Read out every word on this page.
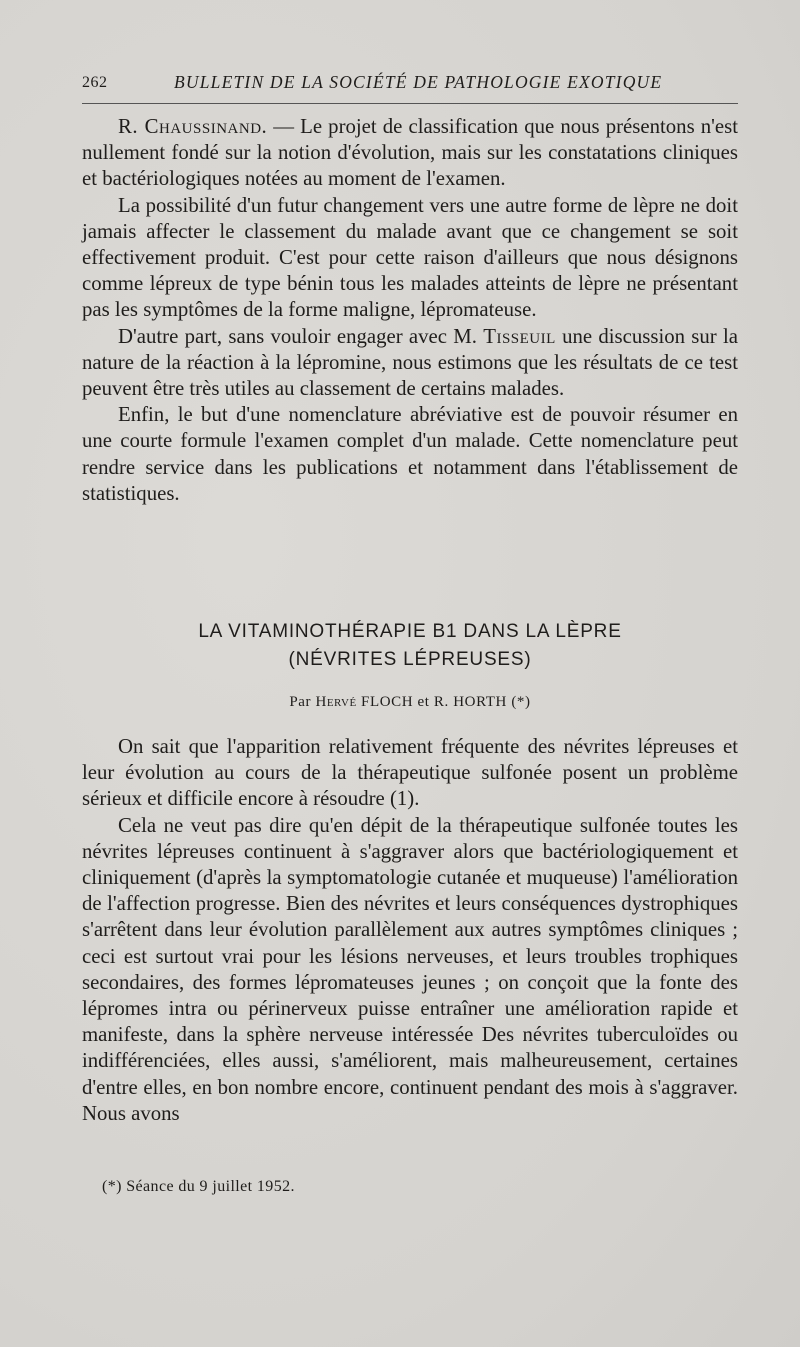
262	BULLETIN DE LA SOCIÉTÉ DE PATHOLOGIE EXOTIQUE

R. Chaussinand. — Le projet de classification que nous présentons n'est nullement fondé sur la notion d'évolution, mais sur les constatations cliniques et bactériologiques notées au moment de l'examen.

La possibilité d'un futur changement vers une autre forme de lèpre ne doit jamais affecter le classement du malade avant que ce changement se soit effectivement produit. C'est pour cette raison d'ailleurs que nous désignons comme lépreux de type bénin tous les malades atteints de lèpre ne présentant pas les symptômes de la forme maligne, lépromateuse.

D'autre part, sans vouloir engager avec M. Tisseuil une discussion sur la nature de la réaction à la lépromine, nous estimons que les résultats de ce test peuvent être très utiles au classement de certains malades.

Enfin, le but d'une nomenclature abréviative est de pouvoir résumer en une courte formule l'examen complet d'un malade. Cette nomenclature peut rendre service dans les publications et notamment dans l'établissement de statistiques.

LA VITAMINOTHÉRAPIE B1 DANS LA LÈPRE
(NÉVRITES LÉPREUSES)
Par Hervé FLOCH et R. HORTH (*)

On sait que l'apparition relativement fréquente des névrites lépreuses et leur évolution au cours de la thérapeutique sulfonée posent un problème sérieux et difficile encore à résoudre (1).

Cela ne veut pas dire qu'en dépit de la thérapeutique sulfonée toutes les névrites lépreuses continuent à s'aggraver alors que bactériologiquement et cliniquement (d'après la symptomatologie cutanée et muqueuse) l'amélioration de l'affection progresse. Bien des névrites et leurs conséquences dystrophiques s'arrêtent dans leur évolution parallèlement aux autres symptômes cliniques ; ceci est surtout vrai pour les lésions nerveuses, et leurs troubles trophiques secondaires, des formes lépromateuses jeunes ; on conçoit que la fonte des lépromes intra ou périnerveux puisse entraîner une amélioration rapide et manifeste, dans la sphère nerveuse intéressée Des névrites tuberculoïdes ou indifférenciées, elles aussi, s'améliorent, mais malheureusement, certaines d'entre elles, en bon nombre encore, continuent pendant des mois à s'aggraver. Nous avons

(*) Séance du 9 juillet 1952.
